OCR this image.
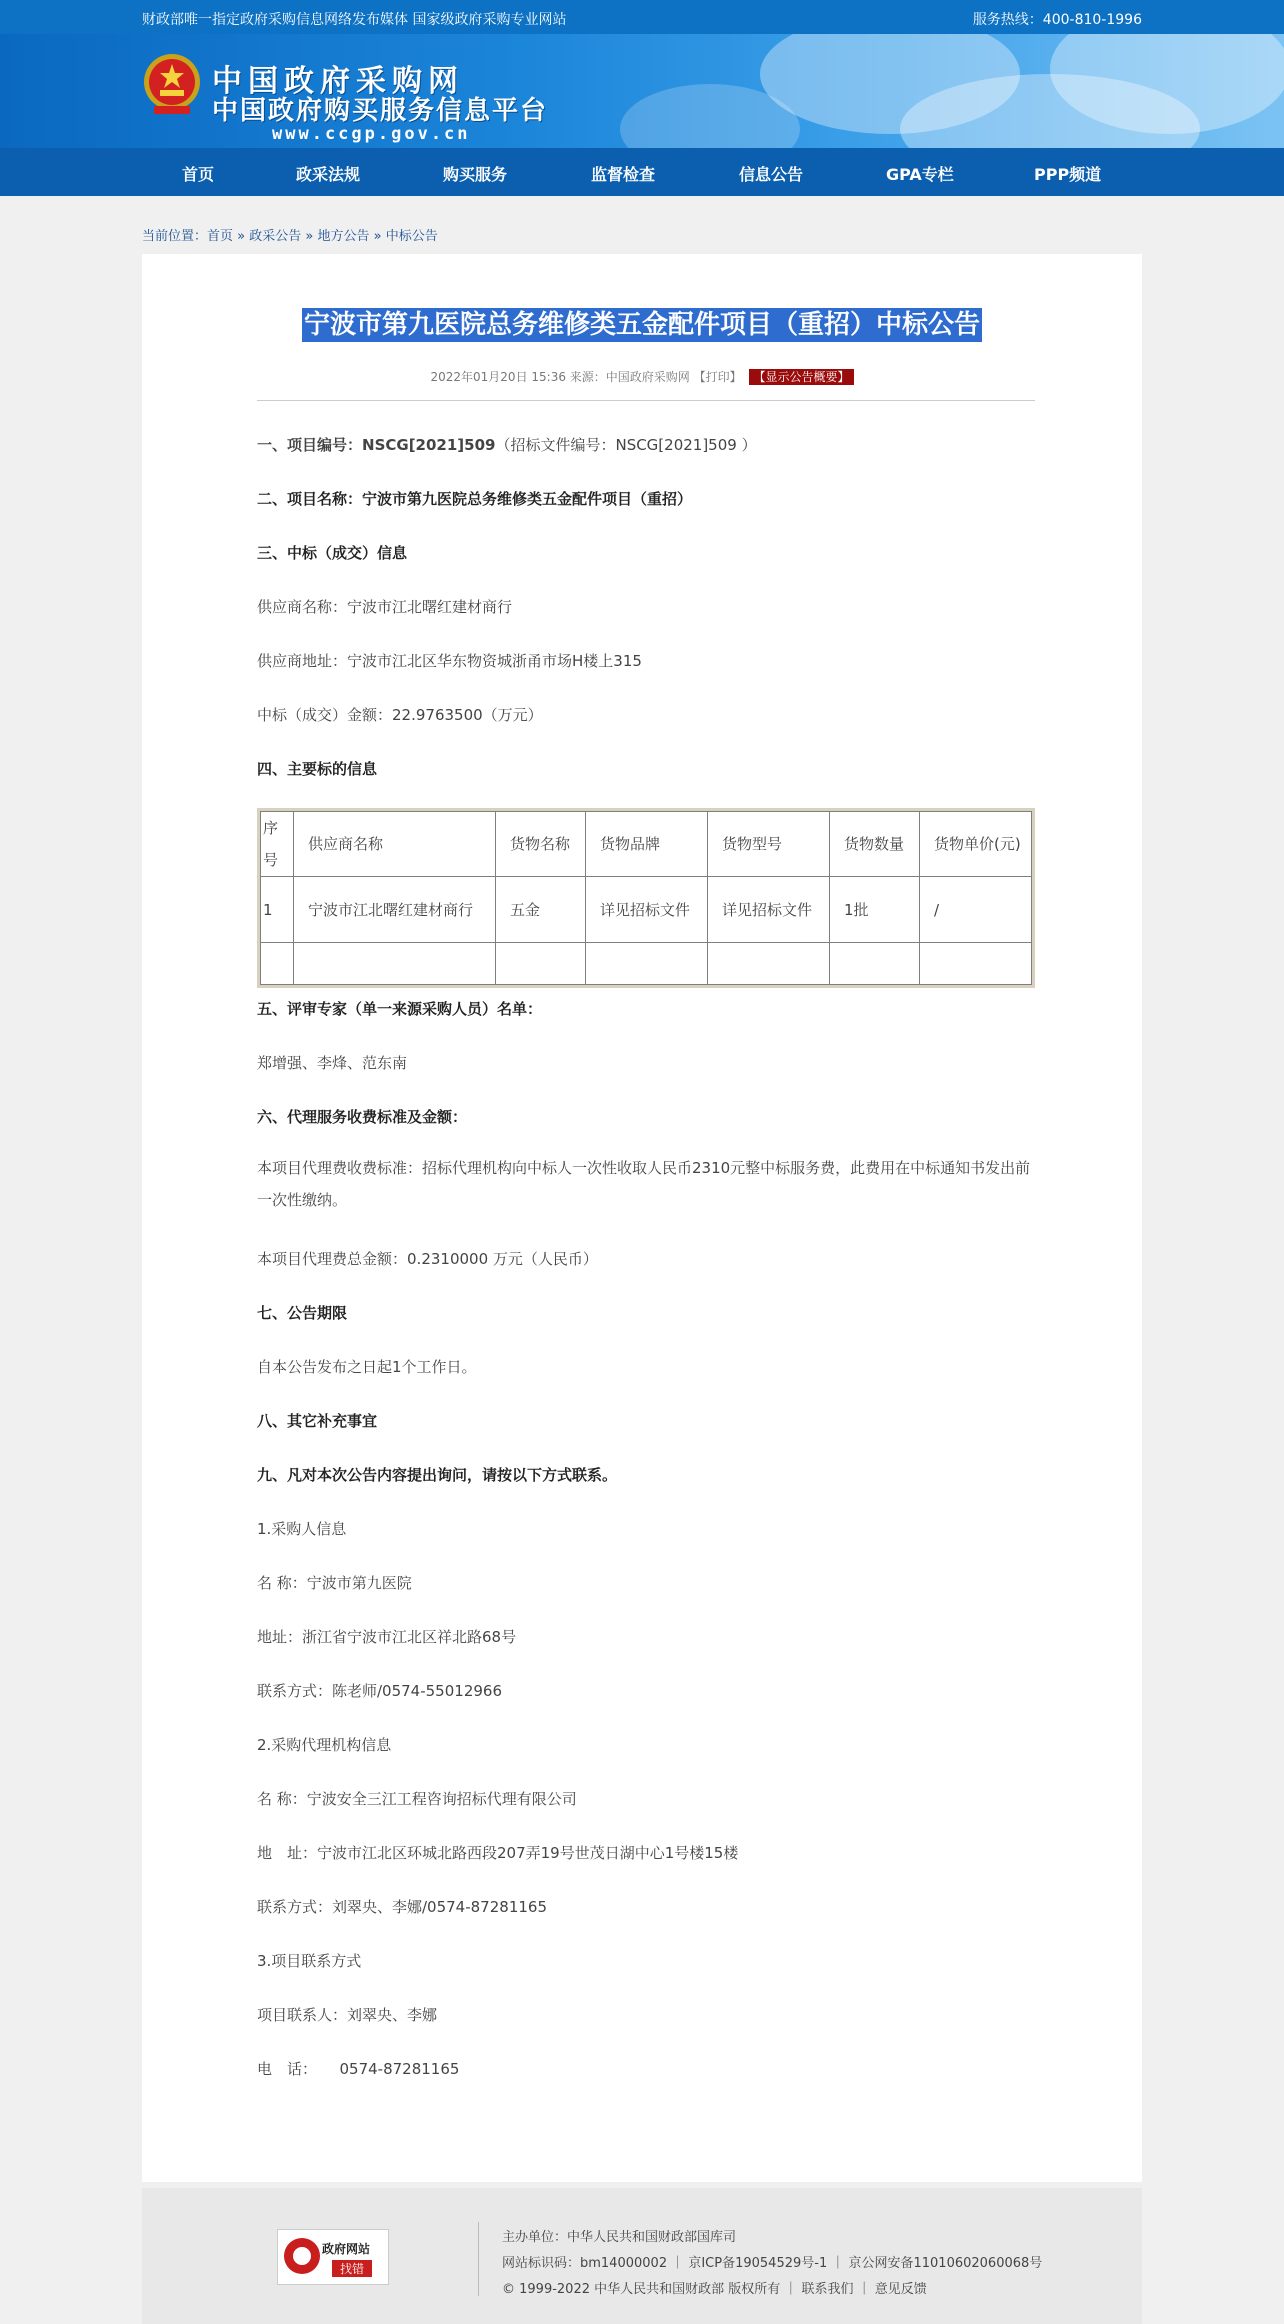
财政部唯一指定政府采购信息网络发布媒体 国家级政府采购专业网站	服务热线：400-810-1996
中国政府采购网
中国政府购买服务信息平台
www.ccgp.gov.cn
首页	政采法规	购买服务	监督检查	信息公告	GPA专栏	PPP频道
当前位置：首页 » 政采公告 » 地方公告 » 中标公告
宁波市第九医院总务维修类五金配件项目（重招）中标公告
2022年01月20日 15:36 来源：中国政府采购网 【打印】 【显示公告概要】
一、项目编号：NSCG[2021]509（招标文件编号：NSCG[2021]509 ）
二、项目名称：宁波市第九医院总务维修类五金配件项目（重招）
三、中标（成交）信息
供应商名称：宁波市江北曙红建材商行
供应商地址：宁波市江北区华东物资城浙甬市场H楼上315
中标（成交）金额：22.9763500（万元）
四、主要标的信息
序号	供应商名称	货物名称	货物品牌	货物型号	货物数量	货物单价(元)
1	宁波市江北曙红建材商行	五金	详见招标文件	详见招标文件	1批	/

五、评审专家（单一来源采购人员）名单：
郑增强、李烽、范东南
六、代理服务收费标准及金额：
本项目代理费收费标准：招标代理机构向中标人一次性收取人民币2310元整中标服务费，此费用在中标通知书发出前一次性缴纳。
本项目代理费总金额：0.2310000 万元（人民币）
七、公告期限
自本公告发布之日起1个工作日。
八、其它补充事宜
九、凡对本次公告内容提出询问，请按以下方式联系。
1.采购人信息
名 称：宁波市第九医院
地址：浙江省宁波市江北区祥北路68号
联系方式：陈老师/0574-55012966
2.采购代理机构信息
名 称：宁波安全三江工程咨询招标代理有限公司
地　址：宁波市江北区环城北路西段207弄19号世茂日湖中心1号楼15楼
联系方式：刘翠央、李娜/0574-87281165
3.项目联系方式
项目联系人：刘翠央、李娜
电　话：　　0574-87281165
政府网站
找错
主办单位：中华人民共和国财政部国库司
网站标识码：bm14000002 ｜ 京ICP备19054529号-1 ｜ 京公网安备11010602060068号
© 1999-2022 中华人民共和国财政部 版权所有 ｜ 联系我们 ｜ 意见反馈
